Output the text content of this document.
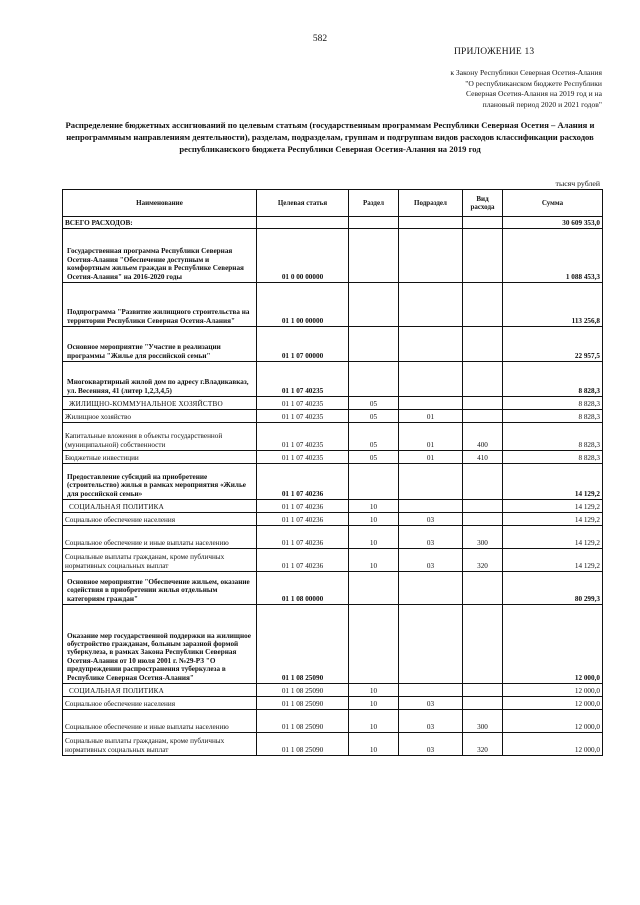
582
ПРИЛОЖЕНИЕ 13
к Закону Республики Северная Осетия-Алания
"О республиканском бюджете Республики
Северная Осетия-Алания на 2019 год и на
плановый период 2020 и 2021 годов"
Распределение бюджетных ассигнований по целевым статьям (государственным программам Республики Северная Осетия – Алания и непрограммным направлениям деятельности), разделам, подразделам, группам и подгруппам видов расходов классификации расходов республиканского бюджета Республики Северная Осетия-Алания на 2019 год
тысяч рублей
Наименование	Целевая статья	Раздел	Подраздел	Вид расхода	Сумма
ВСЕГО РАСХОДОВ:					30 609 353,0
Государственная программа Республики Северная Осетия-Алания "Обеспечение доступным и комфортным жильем граждан в Республике Северная Осетия-Алания" на 2016-2020 годы	01 0 00 00000				1 088 453,3
Подпрограмма "Развитие жилищного строительства на территории Республики Северная Осетия-Алания"	01 1 00 00000				113 256,8
Основное мероприятие "Участие в реализации программы "Жилье для российской семьи"	01 1 07 00000				22 957,5
Многоквартирный жилой дом по адресу г.Владикавказ, ул. Весенняя, 41 (литер 1,2,3,4,5)	01 1 07 40235				8 828,3
ЖИЛИЩНО-КОММУНАЛЬНОЕ ХОЗЯЙСТВО	01 1 07 40235	05			8 828,3
Жилищное хозяйство	01 1 07 40235	05	01		8 828,3
Капитальные вложения в объекты государственной (муниципальной) собственности	01 1 07 40235	05	01	400	8 828,3
Бюджетные инвестиции	01 1 07 40235	05	01	410	8 828,3
Предоставление субсидий на приобретение (строительство) жилья в рамках мероприятия «Жилье для российской семьи»	01 1 07 40236				14 129,2
СОЦИАЛЬНАЯ ПОЛИТИКА	01 1 07 40236	10			14 129,2
Социальное обеспечение населения	01 1 07 40236	10	03		14 129,2
Социальное обеспечение и иные выплаты населению	01 1 07 40236	10	03	300	14 129,2
Социальные выплаты гражданам, кроме публичных нормативных социальных выплат	01 1 07 40236	10	03	320	14 129,2
Основное мероприятие "Обеспечение жильем, оказание содействия в приобретении жилья отдельным категориям граждан"	01 1 08 00000				80 299,3
Оказание мер государственной поддержки на жилищное обустройство гражданам, больным заразной формой туберкулеза, в рамках Закона Республики Северная Осетия-Алания от 10 июля 2001 г. №29-РЗ "О предупреждении распространения туберкулеза в Республике Северная Осетия-Алания"	01 1 08 25090				12 000,0
СОЦИАЛЬНАЯ ПОЛИТИКА	01 1 08 25090	10			12 000,0
Социальное обеспечение населения	01 1 08 25090	10	03		12 000,0
Социальное обеспечение и иные выплаты населению	01 1 08 25090	10	03	300	12 000,0
Социальные выплаты гражданам, кроме публичных нормативных социальных выплат	01 1 08 25090	10	03	320	12 000,0
